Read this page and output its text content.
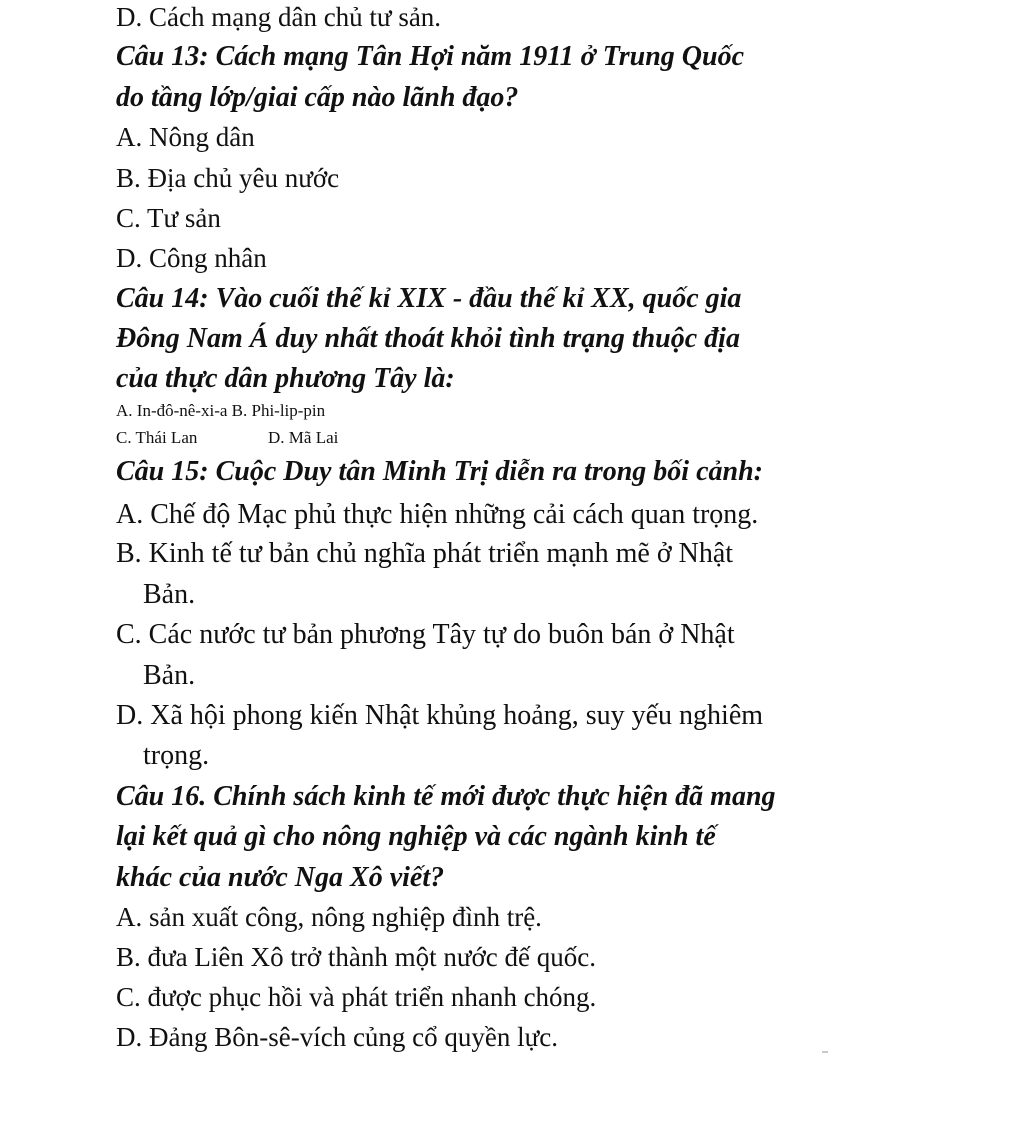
D. Cách mạng dân chủ tư sản.
Câu 13: Cách mạng Tân Hợi năm 1911 ở Trung Quốc
do tầng lớp/giai cấp nào lãnh đạo?
A. Nông dân
B. Địa chủ yêu nước
C. Tư sản
D. Công nhân
Câu 14: Vào cuối thế kỉ XIX - đầu thế kỉ XX, quốc gia
Đông Nam Á duy nhất thoát khỏi tình trạng thuộc địa
của thực dân phương Tây là:
A. In-đô-nê-xi-a B. Phi-lip-pin
C. Thái Lan	D. Mã Lai
Câu 15: Cuộc Duy tân Minh Trị diễn ra trong bối cảnh:
A. Chế độ Mạc phủ thực hiện những cải cách quan trọng.
B. Kinh tế tư bản chủ nghĩa phát triển mạnh mẽ ở Nhật
Bản.
C. Các nước tư bản phương Tây tự do buôn bán ở Nhật
Bản.
D. Xã hội phong kiến Nhật khủng hoảng, suy yếu nghiêm
trọng.
Câu 16. Chính sách kinh tế mới được thực hiện đã mang
lại kết quả gì cho nông nghiệp và các ngành kinh tế
khác của nước Nga Xô viết?
A. sản xuất công, nông nghiệp đình trệ.
B. đưa Liên Xô trở thành một nước đế quốc.
C. được phục hồi và phát triển nhanh chóng.
D. Đảng Bôn-sê-vích củng cổ quyền lực.
